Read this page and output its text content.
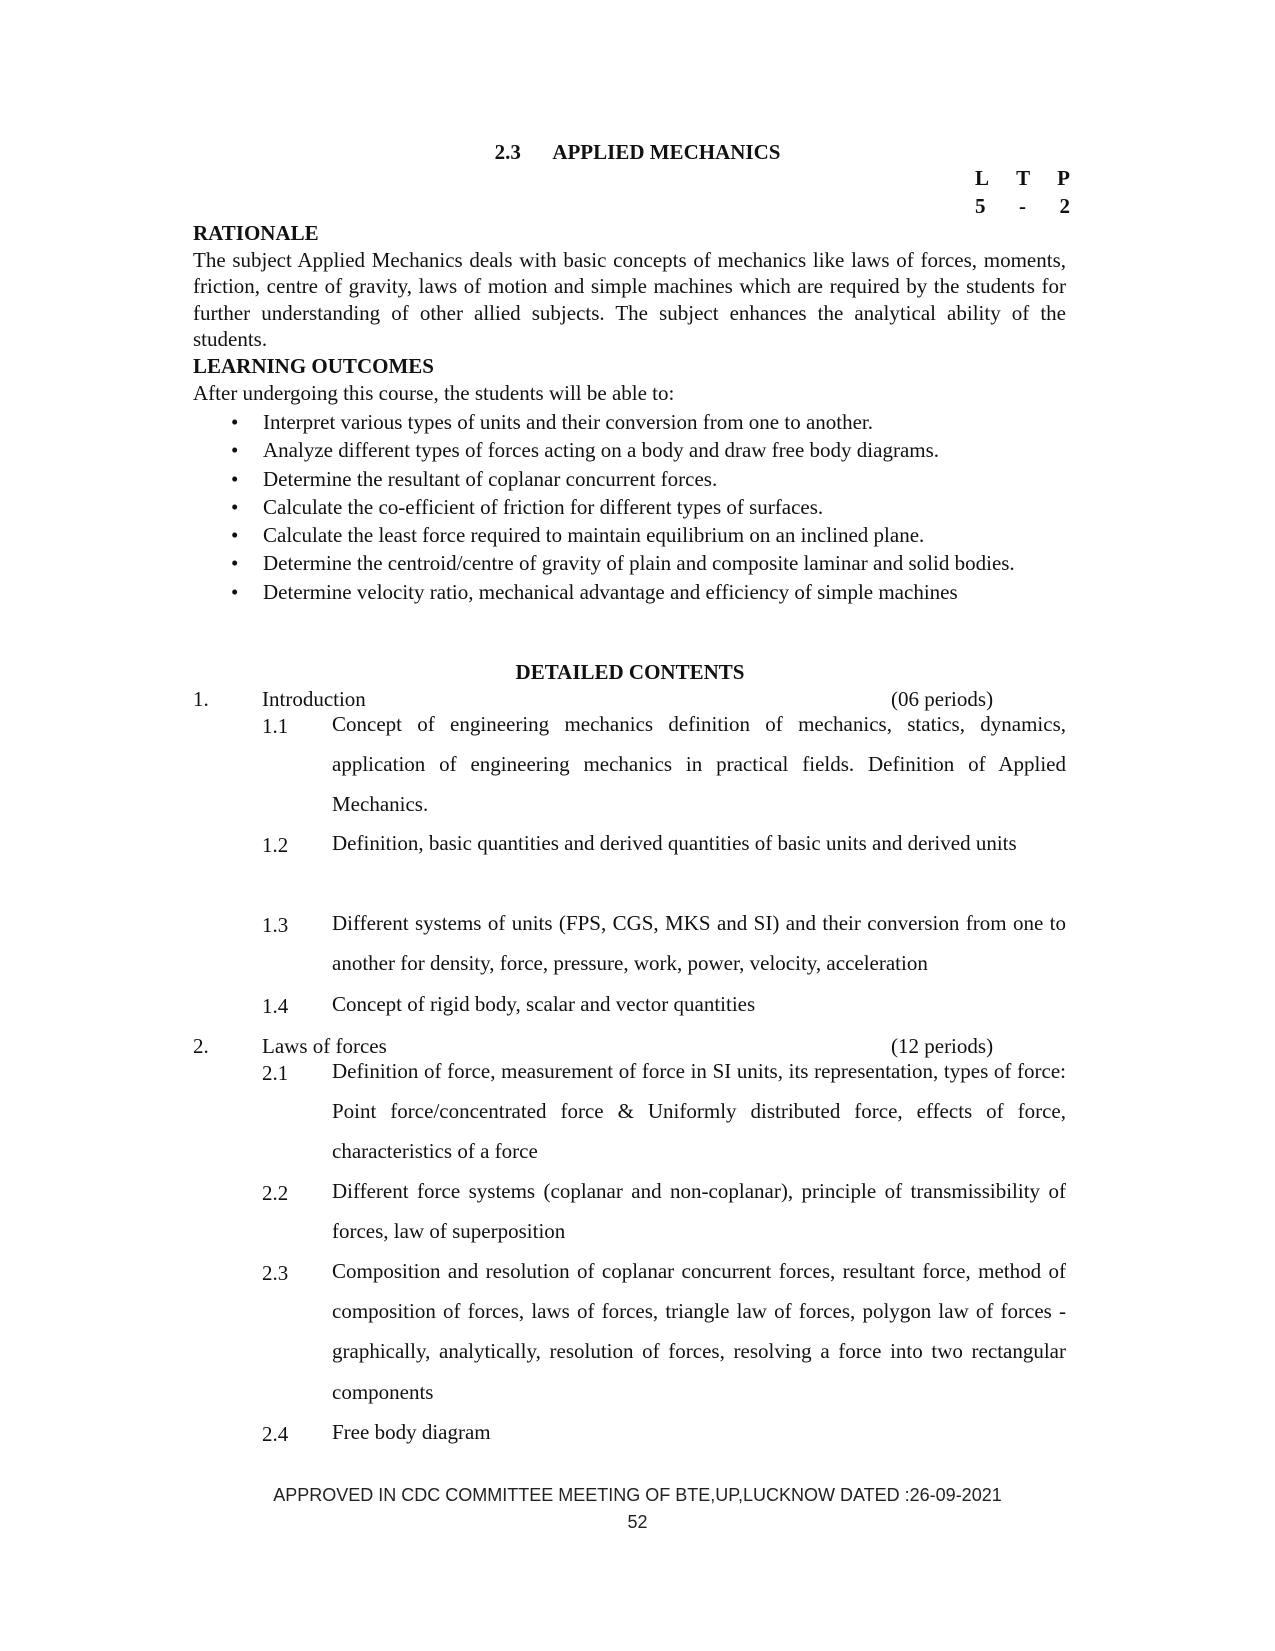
2.3 APPLIED MECHANICS
L T P
5 - 2
RATIONALE
The subject Applied Mechanics deals with basic concepts of mechanics like laws of forces, moments, friction, centre of gravity, laws of motion and simple machines which are required by the students for further understanding of other allied subjects. The subject enhances the analytical ability of the students.
LEARNING OUTCOMES
After undergoing this course, the students will be able to:
• Interpret various types of units and their conversion from one to another.
• Analyze different types of forces acting on a body and draw free body diagrams.
• Determine the resultant of coplanar concurrent forces.
• Calculate the co-efficient of friction for different types of surfaces.
• Calculate the least force required to maintain equilibrium on an inclined plane.
• Determine the centroid/centre of gravity of plain and composite laminar and solid bodies.
• Determine velocity ratio, mechanical advantage and efficiency of simple machines
DETAILED CONTENTS
1.	Introduction	(06 periods)
1.1 Concept of engineering mechanics definition of mechanics, statics, dynamics, application of engineering mechanics in practical fields. Definition of Applied Mechanics.
1.2 Definition, basic quantities and derived quantities of basic units and derived units
1.3 Different systems of units (FPS, CGS, MKS and SI) and their conversion from one to another for density, force, pressure, work, power, velocity, acceleration
1.4 Concept of rigid body, scalar and vector quantities
2.	Laws of forces	(12 periods)
2.1 Definition of force, measurement of force in SI units, its representation, types of force: Point force/concentrated force & Uniformly distributed force, effects of force, characteristics of a force
2.2 Different force systems (coplanar and non-coplanar), principle of transmissibility of forces, law of superposition
2.3 Composition and resolution of coplanar concurrent forces, resultant force, method of composition of forces, laws of forces, triangle law of forces, polygon law of forces - graphically, analytically, resolution of forces, resolving a force into two rectangular components
2.4 Free body diagram
APPROVED IN CDC COMMITTEE MEETING OF BTE,UP,LUCKNOW DATED :26-09-2021
52
